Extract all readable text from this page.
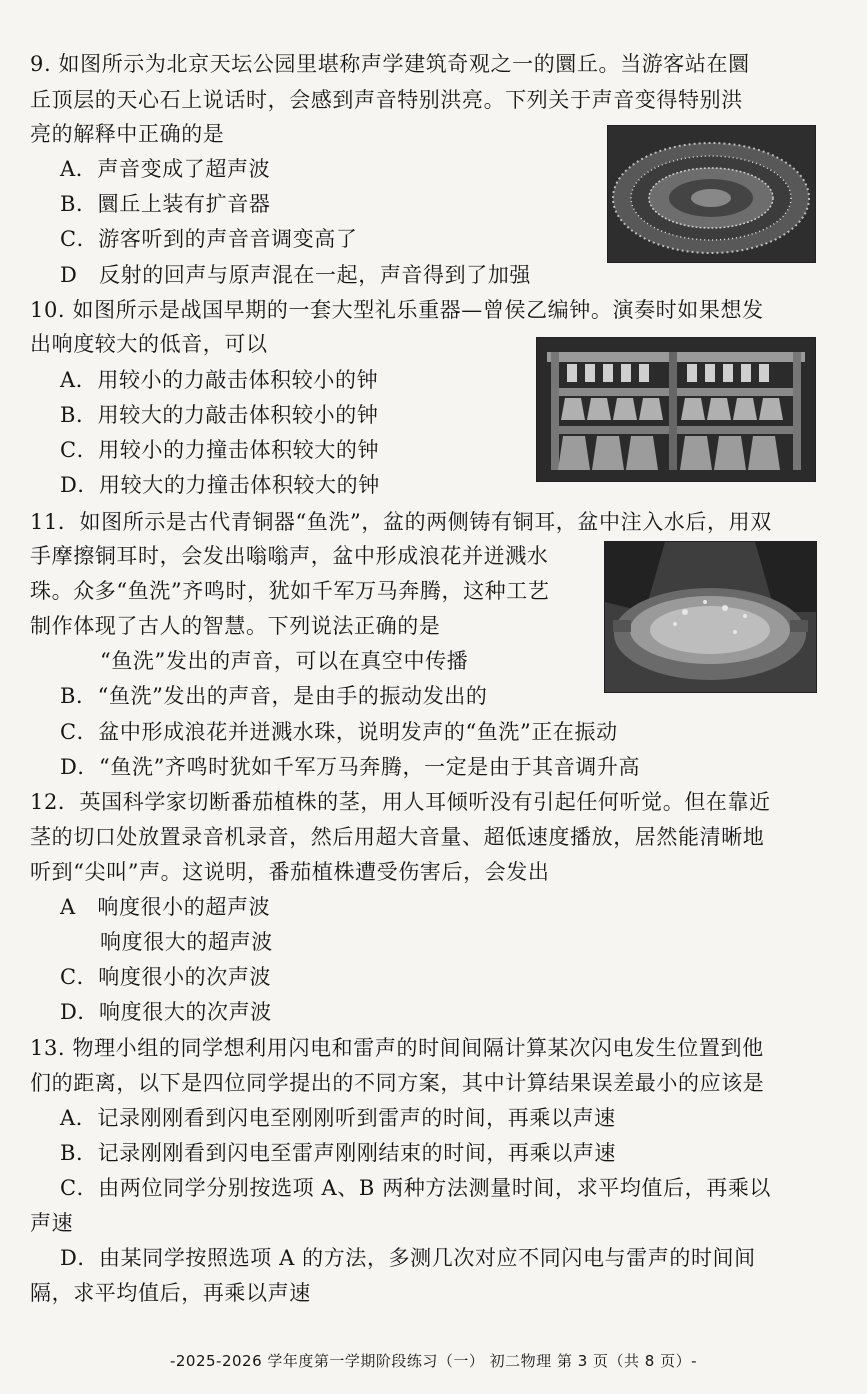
9. 如图所示为北京天坛公园里堪称声学建筑奇观之一的圜丘。当游客站在圜
丘顶层的天心石上说话时，会感到声音特别洪亮。下列关于声音变得特别洪
亮的解释中正确的是
A．声音变成了超声波
B．圜丘上装有扩音器
C．游客听到的声音音调变高了
D　反射的回声与原声混在一起，声音得到了加强
10. 如图所示是战国早期的一套大型礼乐重器—曾侯乙编钟。演奏时如果想发
出响度较大的低音，可以
A．用较小的力敲击体积较小的钟
B．用较大的力敲击体积较小的钟
C．用较小的力撞击体积较大的钟
D．用较大的力撞击体积较大的钟
11．如图所示是古代青铜器“鱼洗”，盆的两侧铸有铜耳，盆中注入水后，用双
手摩擦铜耳时，会发出嗡嗡声，盆中形成浪花并迸溅水
珠。众多“鱼洗”齐鸣时，犹如千军万马奔腾，这种工艺
制作体现了古人的智慧。下列说法正确的是
“鱼洗”发出的声音，可以在真空中传播
B．“鱼洗”发出的声音，是由手的振动发出的
C．盆中形成浪花并迸溅水珠，说明发声的“鱼洗”正在振动
D．“鱼洗”齐鸣时犹如千军万马奔腾，一定是由于其音调升高
12．英国科学家切断番茄植株的茎，用人耳倾听没有引起任何听觉。但在靠近
茎的切口处放置录音机录音，然后用超大音量、超低速度播放，居然能清晰地
听到“尖叫”声。这说明，番茄植株遭受伤害后，会发出
A　响度很小的超声波
响度很大的超声波
C．响度很小的次声波
D．响度很大的次声波
13. 物理小组的同学想利用闪电和雷声的时间间隔计算某次闪电发生位置到他
们的距离，以下是四位同学提出的不同方案，其中计算结果误差最小的应该是
A．记录刚刚看到闪电至刚刚听到雷声的时间，再乘以声速
B．记录刚刚看到闪电至雷声刚刚结束的时间，再乘以声速
C．由两位同学分别按选项 A、B 两种方法测量时间，求平均值后，再乘以
声速
D．由某同学按照选项 A 的方法，多测几次对应不同闪电与雷声的时间间
隔，求平均值后，再乘以声速
-2025-2026 学年度第一学期阶段练习（一） 初二物理 第 3 页（共 8 页）-
